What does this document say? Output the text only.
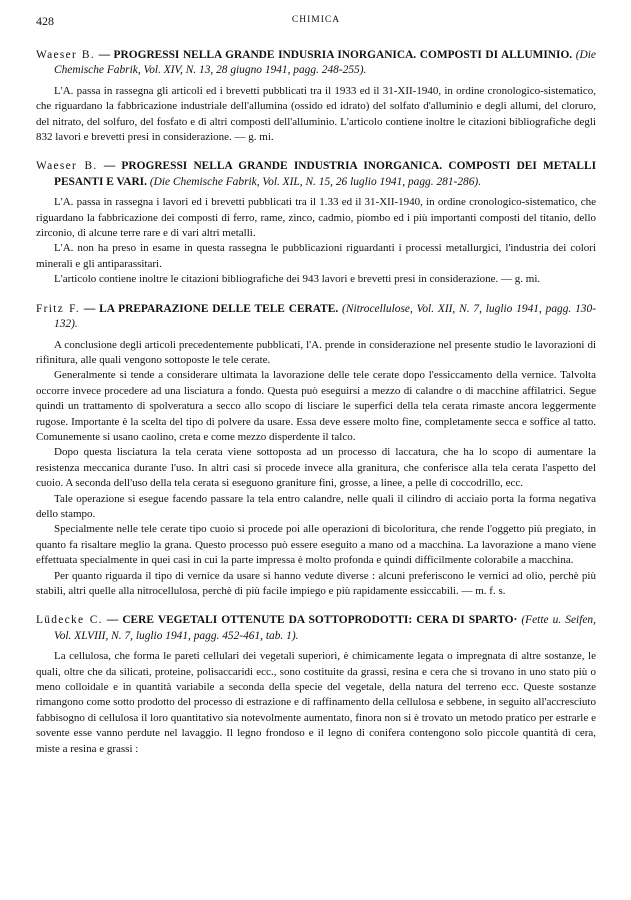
428	CHIMICA
Waeser B. — PROGRESSI NELLA GRANDE INDUSRIA INORGANICA. COMPOSTI DI ALLUMINIO. (Die Chemische Fabrik, Vol. XIV, N. 13, 28 giugno 1941, pagg. 248-255).

L'A. passa in rassegna gli articoli ed i brevetti pubblicati tra il 1933 ed il 31-XII-1940, in ordine cronologico-sistematico, che riguardano la fabbricazione industriale dell'allumina (ossido ed idrato) del solfato d'alluminio e degli allumi, del cloruro, del nitrato, del solfuro, del fosfato e di altri composti dell'alluminio. L'articolo contiene inoltre le citazioni bibliografiche degli 832 lavori e brevetti presi in considerazione. — g. mi.

Waeser B. — PROGRESSI NELLA GRANDE INDUSTRIA INORGANICA. COMPOSTI DEI METALLI PESANTI E VARI. (Die Chemische Fabrik, Vol. XIL, N. 15, 26 luglio 1941, pagg. 281-286).

L'A. passa in rassegna i lavori ed i brevetti pubblicati tra il 1.33 ed il 31-XII-1940, in ordine cronologico-sistematico, che riguardano la fabbricazione dei composti di ferro, rame, zinco, cadmio, piombo ed i più importanti composti del titanio, dello zirconio, di alcune terre rare e di vari altri metalli.

L'A. non ha preso in esame in questa rassegna le pubblicazioni riguardanti i processi metallurgici, l'industria dei colori minerali e gli antiparassitari.

L'articolo contiene inoltre le citazioni bibliografiche dei 943 lavori e brevetti presi in considerazione. — g. mi.

Fritz F. — LA PREPARAZIONE DELLE TELE CERATE. (Nitrocellulose, Vol. XII, N. 7, luglio 1941, pagg. 130-132).

A conclusione degli articoli precedentemente pubblicati, l'A. prende in considerazione nel presente studio le lavorazioni di rifinitura, alle quali vengono sottoposte le tele cerate.

Generalmente si tende a considerare ultimata la lavorazione delle tele cerate dopo l'essiccamento della vernice. Talvolta occorre invece procedere ad una lisciatura a fondo. Questa può eseguirsi a mezzo di calandre o di macchine affilatrici. Segue quindi un trattamento di spolveratura a secco allo scopo di lisciare le superfici della tela cerata rimaste ancora leggermente rugose. Importante è la scelta del tipo di polvere da usare. Essa deve essere molto fine, completamente secca e soffice al tatto. Comunemente si usano caolino, creta e come mezzo disperdente il talco.

Dopo questa lisciatura la tela cerata viene sottoposta ad un processo di laccatura, che ha lo scopo di aumentare la resistenza meccanica durante l'uso. In altri casi si procede invece alla granitura, che conferisce alla tela cerata l'aspetto del cuoio. A seconda dell'uso della tela cerata si eseguono graniture fini, grosse, a linee, a pelle di coccodrillo, ecc.

Tale operazione si esegue facendo passare la tela entro calandre, nelle quali il cilindro di acciaio porta la forma negativa dello stampo.

Specialmente nelle tele cerate tipo cuoio si procede poi alle operazioni di bicoloritura, che rende l'oggetto più pregiato, in quanto fa risaltare meglio la grana. Questo processo può essere eseguito a mano od a macchina. La lavorazione a mano viene effettuata specialmente in quei casi in cui la parte impressa è molto profonda e quindi difficilmente colorabile a macchina.

Per quanto riguarda il tipo di vernice da usare si hanno vedute diverse : alcuni preferiscono le vernici ad olio, perchè più stabili, altri quelle alla nitrocellulosa, perchè di più facile impiego e più rapidamente essiccabili. — m. f. s.

Lüdecke C. — CERE VEGETALI OTTENUTE DA SOTTOPRODOTTI: CERA DI SPARTO· (Fette u. Seifen, Vol. XLVIII, N. 7, luglio 1941, pagg. 452-461, tab. 1).

La cellulosa, che forma le pareti cellulari dei vegetali superiori, è chimicamente legata o impregnata di altre sostanze, le quali, oltre che da silicati, proteine, polisaccaridi ecc., sono costituite da grassi, resina e cera che si trovano in uno stato più o meno colloidale e in quantità variabile a seconda della specie del vegetale, della natura del terreno ecc. Queste sostanze rimangono come sotto prodotto del processo di estrazione e di raffinamento della cellulosa e sebbene, in seguito all'accresciuto fabbisogno di cellulosa il loro quantitativo sia notevolmente aumentato, finora non si è trovato un metodo pratico per estrarle e sovente esse vanno perdute nel lavaggio. Il legno frondoso e il legno di conifera contengono solo piccole quantità di cera, miste a resina e grassi :
